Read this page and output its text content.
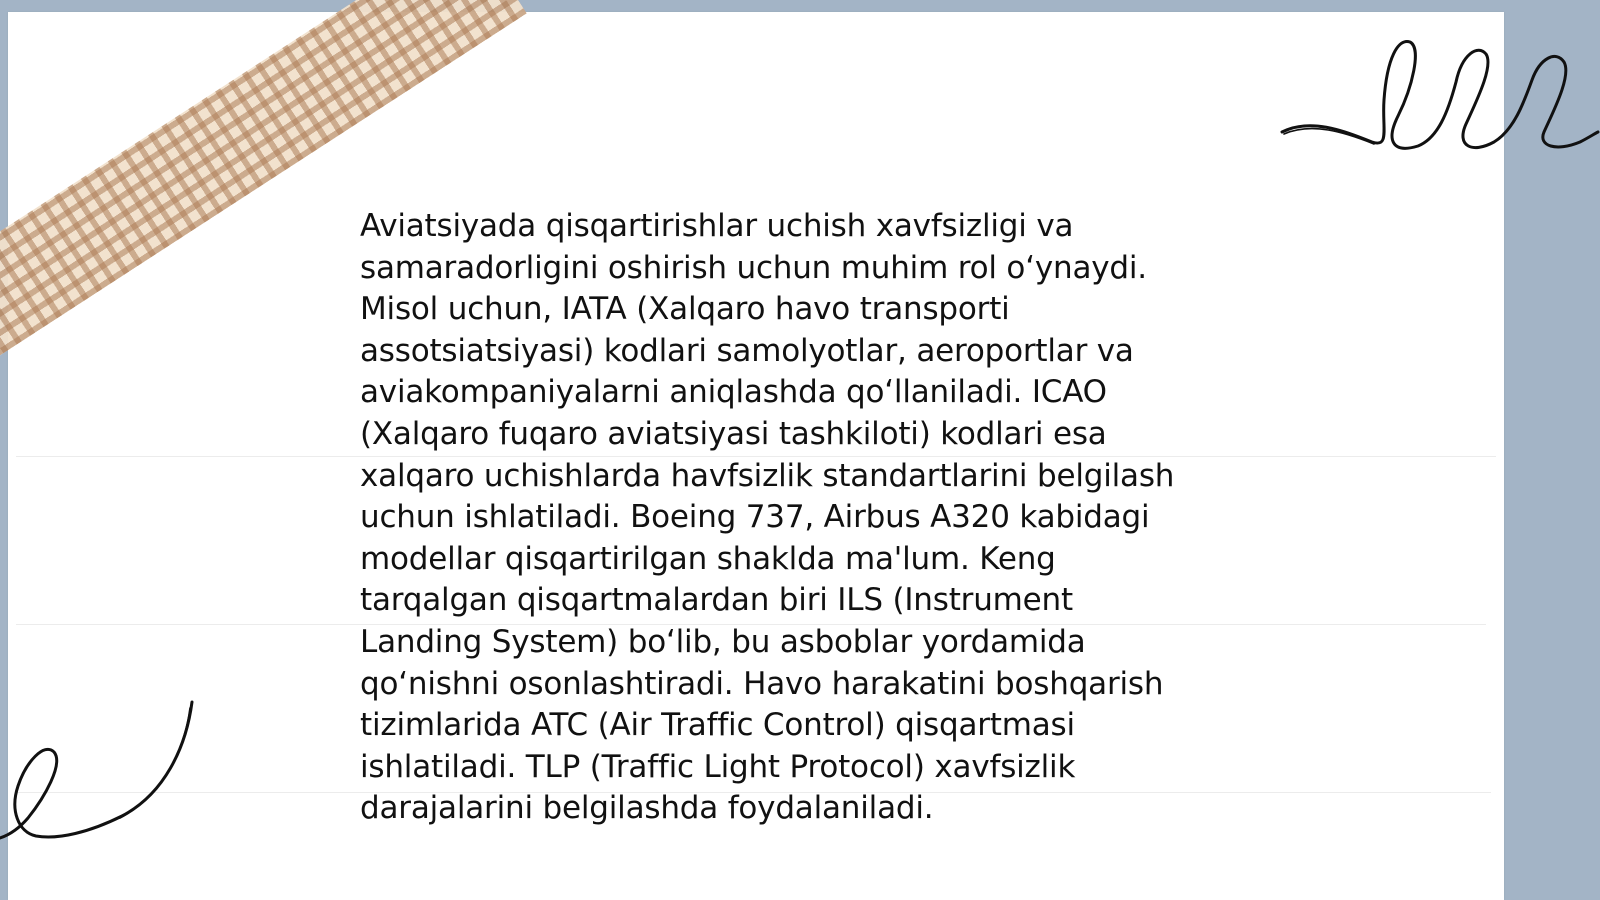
Aviatsiyada qisqartirishlar uchish xavfsizligi va
samaradorligini oshirish uchun muhim rol o‘ynaydi.
Misol uchun, IATA (Xalqaro havo transporti
assotsiatsiyasi) kodlari samolyotlar, aeroportlar va
aviakompaniyalarni aniqlashda qo‘llaniladi. ICAO
(Xalqaro fuqaro aviatsiyasi tashkiloti) kodlari esa
xalqaro uchishlarda havfsizlik standartlarini belgilash
uchun ishlatiladi. Boeing 737, Airbus A320 kabidagi
modellar qisqartirilgan shaklda ma'lum. Keng
tarqalgan qisqartmalardan biri ILS (Instrument
Landing System) bo‘lib, bu asboblar yordamida
qo‘nishni osonlashtiradi. Havo harakatini boshqarish
tizimlarida ATC (Air Traffic Control) qisqartmasi
ishlatiladi. TLP (Traffic Light Protocol) xavfsizlik
darajalarini belgilashda foydalaniladi.
